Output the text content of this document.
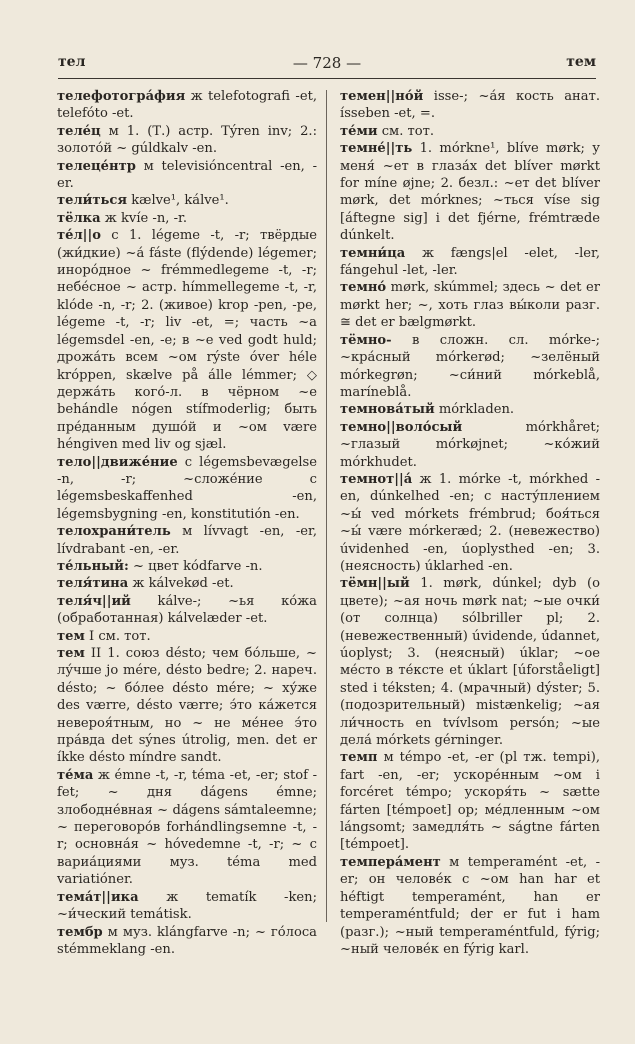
тел	— 728 —	тем
телефотогра́фия ж telefotografi -et, telefóto -et.
теле́ц м 1. (Т.) астр. Týren inv; 2.: золото́й ~ gúldkalv -en.
телеце́нтр м televisióncentral -en, -er.
тели́ться kælve¹, kálve¹.
тёлка ж kvíe -n, -r.
те́л||о с 1. légeme -t, -r; твёрдые (жи́дкие) ~а́ fáste (flýdende) légemer; иноро́дное ~ frémmedlegeme -t, -r; небе́сное ~ астр. hímmellegeme -t, -r, klóde -n, -r; 2. (живое) krop -pen, -pe, légeme -t, -r; liv -et, =; часть ~а légemsdel -en, -e; в ~е ved godt huld; дрожа́ть всем ~ом rýste óver héle króppen, skælve på álle lémmer; ◇ держа́ть кого́-л. в чёрном ~е behándle nógen stífmoderlig; быть пре́данным душо́й и ~ом være héngiven med liv og sjæl.
тело||движе́ние с légemsbevægelse -n, -r; ~сложе́ние с légemsbeskaffenhed -en, légemsbygning -en, konstitutión -en.
телохрани́тель м lívvagt -en, -er, lívdrabant -en, -er.
те́льный: ~ цвет kódfarve -n.
теля́тина ж kálvekød -et.
теля́ч||ий kálve-; ~ья ко́жа (обработанная) kálvelæder -et.
тем I см. тот.
тем II 1. союз désto; чем бо́льше, ~ лу́чше jo mére, désto bedre; 2. нареч. désto; ~ бо́лее désto mére; ~ ху́же des værre, désto værre; э́то ка́жется невероя́тным, но ~ не ме́нее э́то пра́вда det sýnes útrolig, men. det er íkke désto míndre sandt.
те́ма ж émne -t, -r, téma -et, -er; stof -fet; ~ дня dágens émne; злободне́вная ~ dágens sámtaleemne; ~ переговоро́в forhándlingsemne -t, -r; основна́я ~ hóvedemne -t, -r; ~ с вариа́циями муз. téma med variatióner.
тема́т||ика ж tematík -ken; ~и́ческий temátisk.
тембр м муз. klángfarve -n; ~ го́лоса stémmeklang -en.
темен||но́й isse-; ~а́я кость анат. ísseben -et, =.
те́ми см. тот.
темне́||ть 1. mórkne¹, blíve mørk; у меня́ ~ет в глаза́х det blíver mørkt for míne øjne; 2. безл.: ~ет det blíver mørk, det mórknes; ~ться víse sig [áftegne sig] i det fjérne, frémtræde dúnkelt.
темни́ца ж fængs|el -elet, -ler, fángehul -let, -ler.
темно́ mørk, skúmmel; здесь ~ det er mørkt her; ~, хоть глаз вы́коли разг. ≅ det er bælgmørkt.
тёмно- в сложн. сл. mórke-; ~кра́сный mórkerød; ~зелёный mórkegrøn; ~си́ний mórkeblå, maríneblå.
темнова́тый mórkladen.
темно||воло́сый mórkhåret; ~глазый mórkøjnet; ~ко́жий mórkhudet.
темнот||а́ ж 1. mórke -t, mórkhed -en, dúnkelhed -en; с насту́плением ~ы́ ved mórkets frémbrud; боя́ться ~ы́ være mórkeræd; 2. (невежество) úvidenhed -en, úoplysthed -en; 3. (неясность) úklarhed -en.
тёмн||ый 1. mørk, dúnkel; dyb (о цвете); ~ая ночь mørk nat; ~ые очки́ (от солнца) sólbriller pl; 2. (невежественный) úvidende, údannet, úoplyst; 3. (неясный) úklar; ~ое ме́сто в те́ксте et úklart [úforståeligt] sted i téksten; 4. (мрачный) dýster; 5. (подозрительный) mistænkelig; ~ая ли́чность en tvívlsom persón; ~ые дела́ mórkets gérninger.
темп м témpo -et, -er (pl тж. tempi), fart -en, -er; ускоре́нным ~ом i forcéret témpo; ускоря́ть ~ sætte fárten [témpoet] op; ме́дленным ~ом lángsomt; замедля́ть ~ ságtne fárten [témpoet].
темпера́мент м temperamént -et, -er; он челове́к с ~ом han har et héftigt temperamént, han er temperaméntfuld; der er fut i ham (разг.); ~ный temperaméntfuld, fýrig; ~ный челове́к en fýrig karl.
